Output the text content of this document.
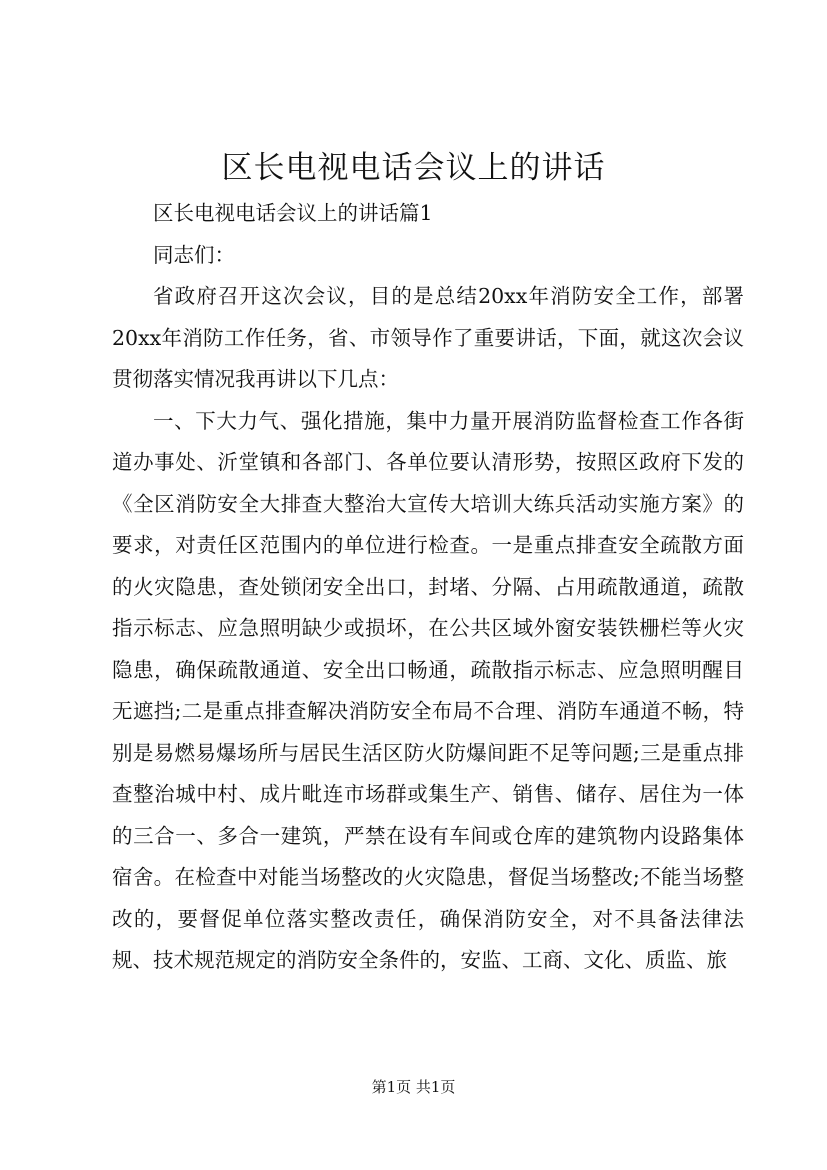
区长电视电话会议上的讲话

区长电视电话会议上的讲话篇1

同志们：

省政府召开这次会议，目的是总结20xx年消防安全工作，部署20xx年消防工作任务，省、市领导作了重要讲话，下面，就这次会议贯彻落实情况我再讲以下几点：

一、下大力气、强化措施，集中力量开展消防监督检查工作各街道办事处、沂堂镇和各部门、各单位要认清形势，按照区政府下发的《全区消防安全大排查大整治大宣传大培训大练兵活动实施方案》的要求，对责任区范围内的单位进行检查。一是重点排查安全疏散方面的火灾隐患，查处锁闭安全出口，封堵、分隔、占用疏散通道，疏散指示标志、应急照明缺少或损坏，在公共区域外窗安装铁栅栏等火灾隐患，确保疏散通道、安全出口畅通，疏散指示标志、应急照明醒目无遮挡;二是重点排查解决消防安全布局不合理、消防车通道不畅，特别是易燃易爆场所与居民生活区防火防爆间距不足等问题;三是重点排查整治城中村、成片毗连市场群或集生产、销售、储存、居住为一体的三合一、多合一建筑，严禁在设有车间或仓库的建筑物内设路集体宿舍。在检查中对能当场整改的火灾隐患，督促当场整改;不能当场整改的，要督促单位落实整改责任，确保消防安全，对不具备法律法规、技术规范规定的消防安全条件的，安监、工商、文化、质监、旅

第1页 共1页
